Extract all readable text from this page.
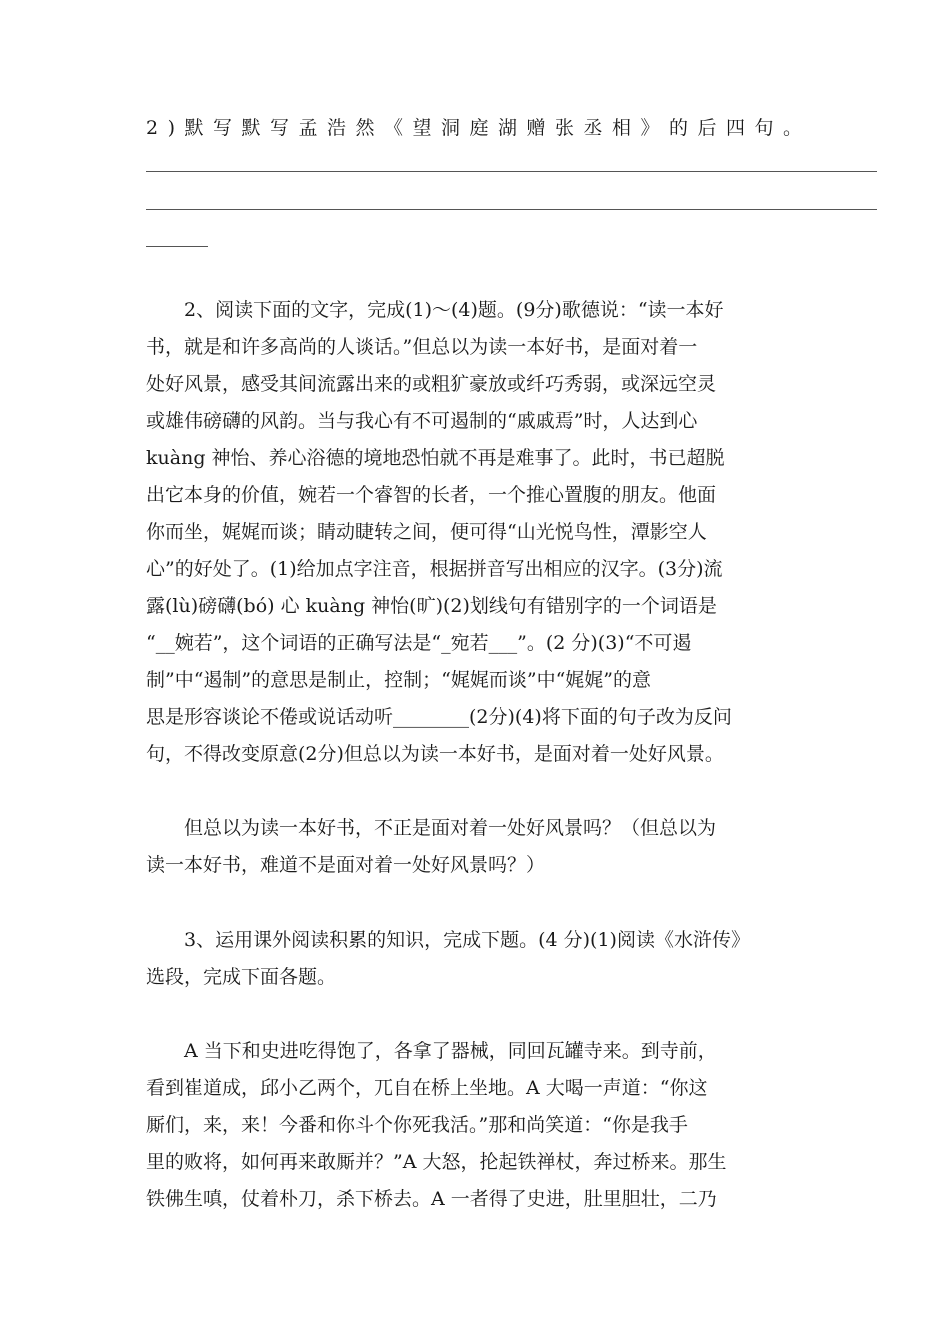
2)默写默写孟浩然《望洞庭湖赠张丞相》的后四句。
2、阅读下面的文字，完成(1)～(4)题。(9分)歌德说：“读一本好
书，就是和许多高尚的人谈话。”但总以为读一本好书，是面对着一
处好风景，感受其间流露出来的或粗犷豪放或纤巧秀弱，或深远空灵
或雄伟磅礴的风韵。当与我心有不可遏制的“戚戚焉”时，人达到心
kuàng 神怡、养心浴德的境地恐怕就不再是难事了。此时，书已超脱
出它本身的价值，婉若一个睿智的长者，一个推心置腹的朋友。他面
你而坐，娓娓而谈；睛动睫转之间，便可得“山光悦鸟性，潭影空人
心”的好处了。(1)给加点字注音，根据拼音写出相应的汉字。(3分)流
露(lù)磅礴(bó) 心 kuàng 神怡(旷)(2)划线句有错别字的一个词语是
“__婉若”，这个词语的正确写法是“_宛若___”。(2 分)(3)“不可遏
制”中“遏制”的意思是制止，控制；“娓娓而谈”中“娓娓”的意
思是形容谈论不倦或说话动听________(2分)(4)将下面的句子改为反问
句，不得改变原意(2分)但总以为读一本好书，是面对着一处好风景。
但总以为读一本好书，不正是面对着一处好风景吗？（但总以为
读一本好书，难道不是面对着一处好风景吗？）
3、运用课外阅读积累的知识，完成下题。(4 分)(1)阅读《水浒传》
选段，完成下面各题。
A 当下和史进吃得饱了，各拿了器械，同回瓦罐寺来。到寺前，
看到崔道成，邱小乙两个，兀自在桥上坐地。A 大喝一声道：“你这
厮们，来，来！今番和你斗个你死我活。”那和尚笑道：“你是我手
里的败将，如何再来敢厮并？”A 大怒，抡起铁禅杖，奔过桥来。那生
铁佛生嗔，仗着朴刀，杀下桥去。A 一者得了史进，肚里胆壮，二乃
